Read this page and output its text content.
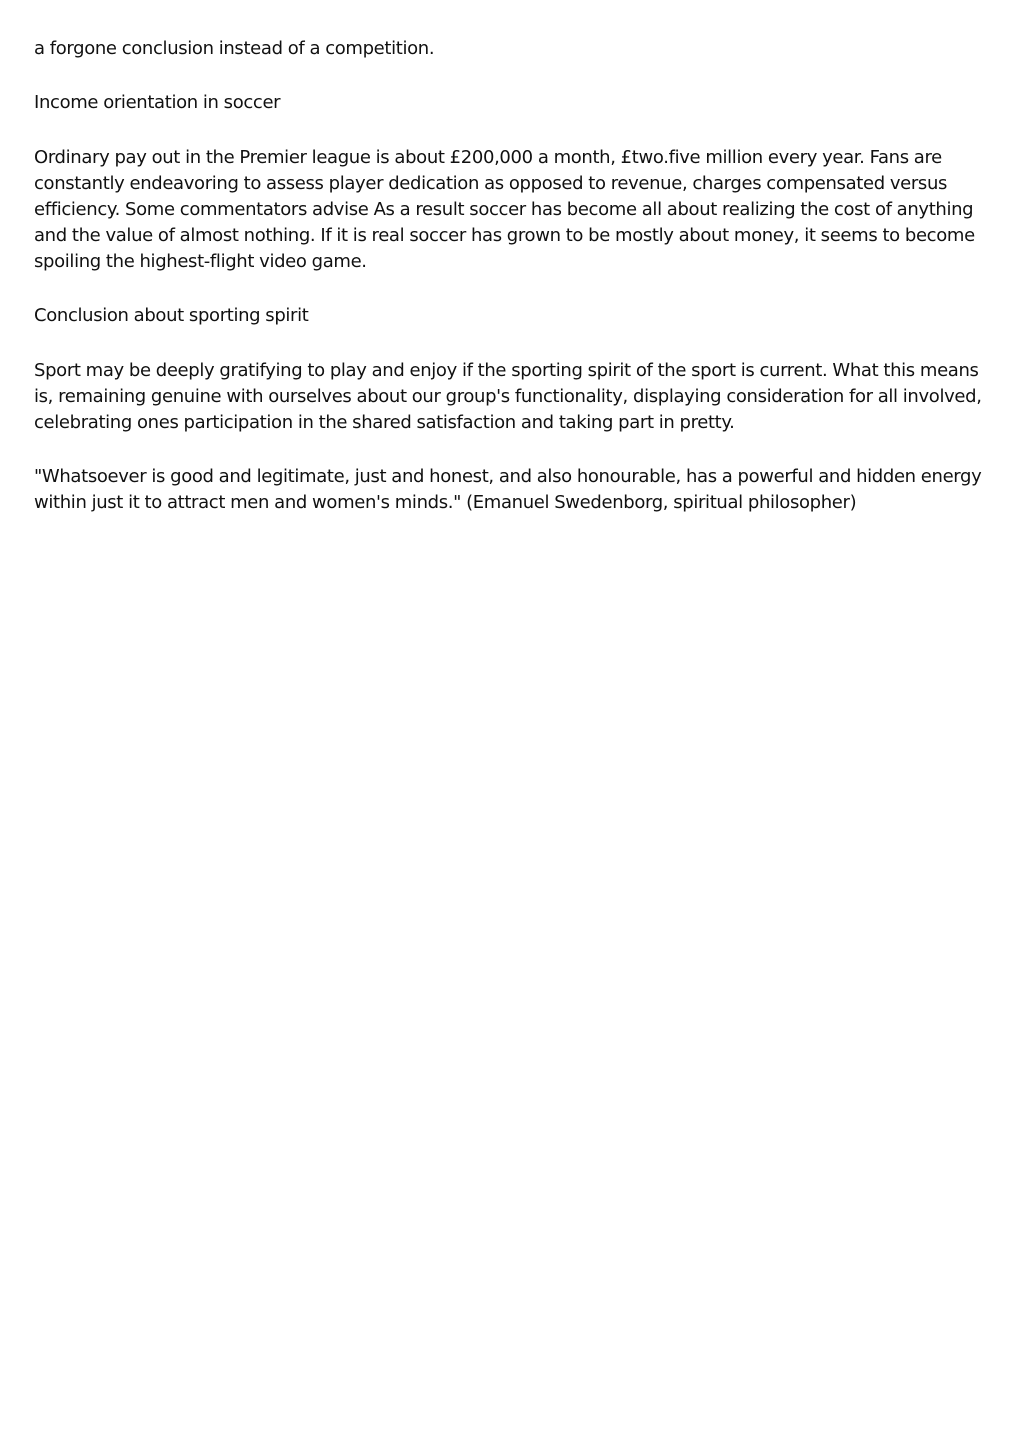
a forgone conclusion instead of a competition.

Income orientation in soccer

Ordinary pay out in the Premier league is about £200,000 a month, £two.five million every year. Fans are constantly endeavoring to assess player dedication as opposed to revenue, charges compensated versus efficiency. Some commentators advise As a result soccer has become all about realizing the cost of anything and the value of almost nothing. If it is real soccer has grown to be mostly about money, it seems to become spoiling the highest-flight video game.

Conclusion about sporting spirit

Sport may be deeply gratifying to play and enjoy if the sporting spirit of the sport is current. What this means is, remaining genuine with ourselves about our group's functionality, displaying consideration for all involved, celebrating ones participation in the shared satisfaction and taking part in pretty.

"Whatsoever is good and legitimate, just and honest, and also honourable, has a powerful and hidden energy within just it to attract men and women's minds." (Emanuel Swedenborg, spiritual philosopher)
